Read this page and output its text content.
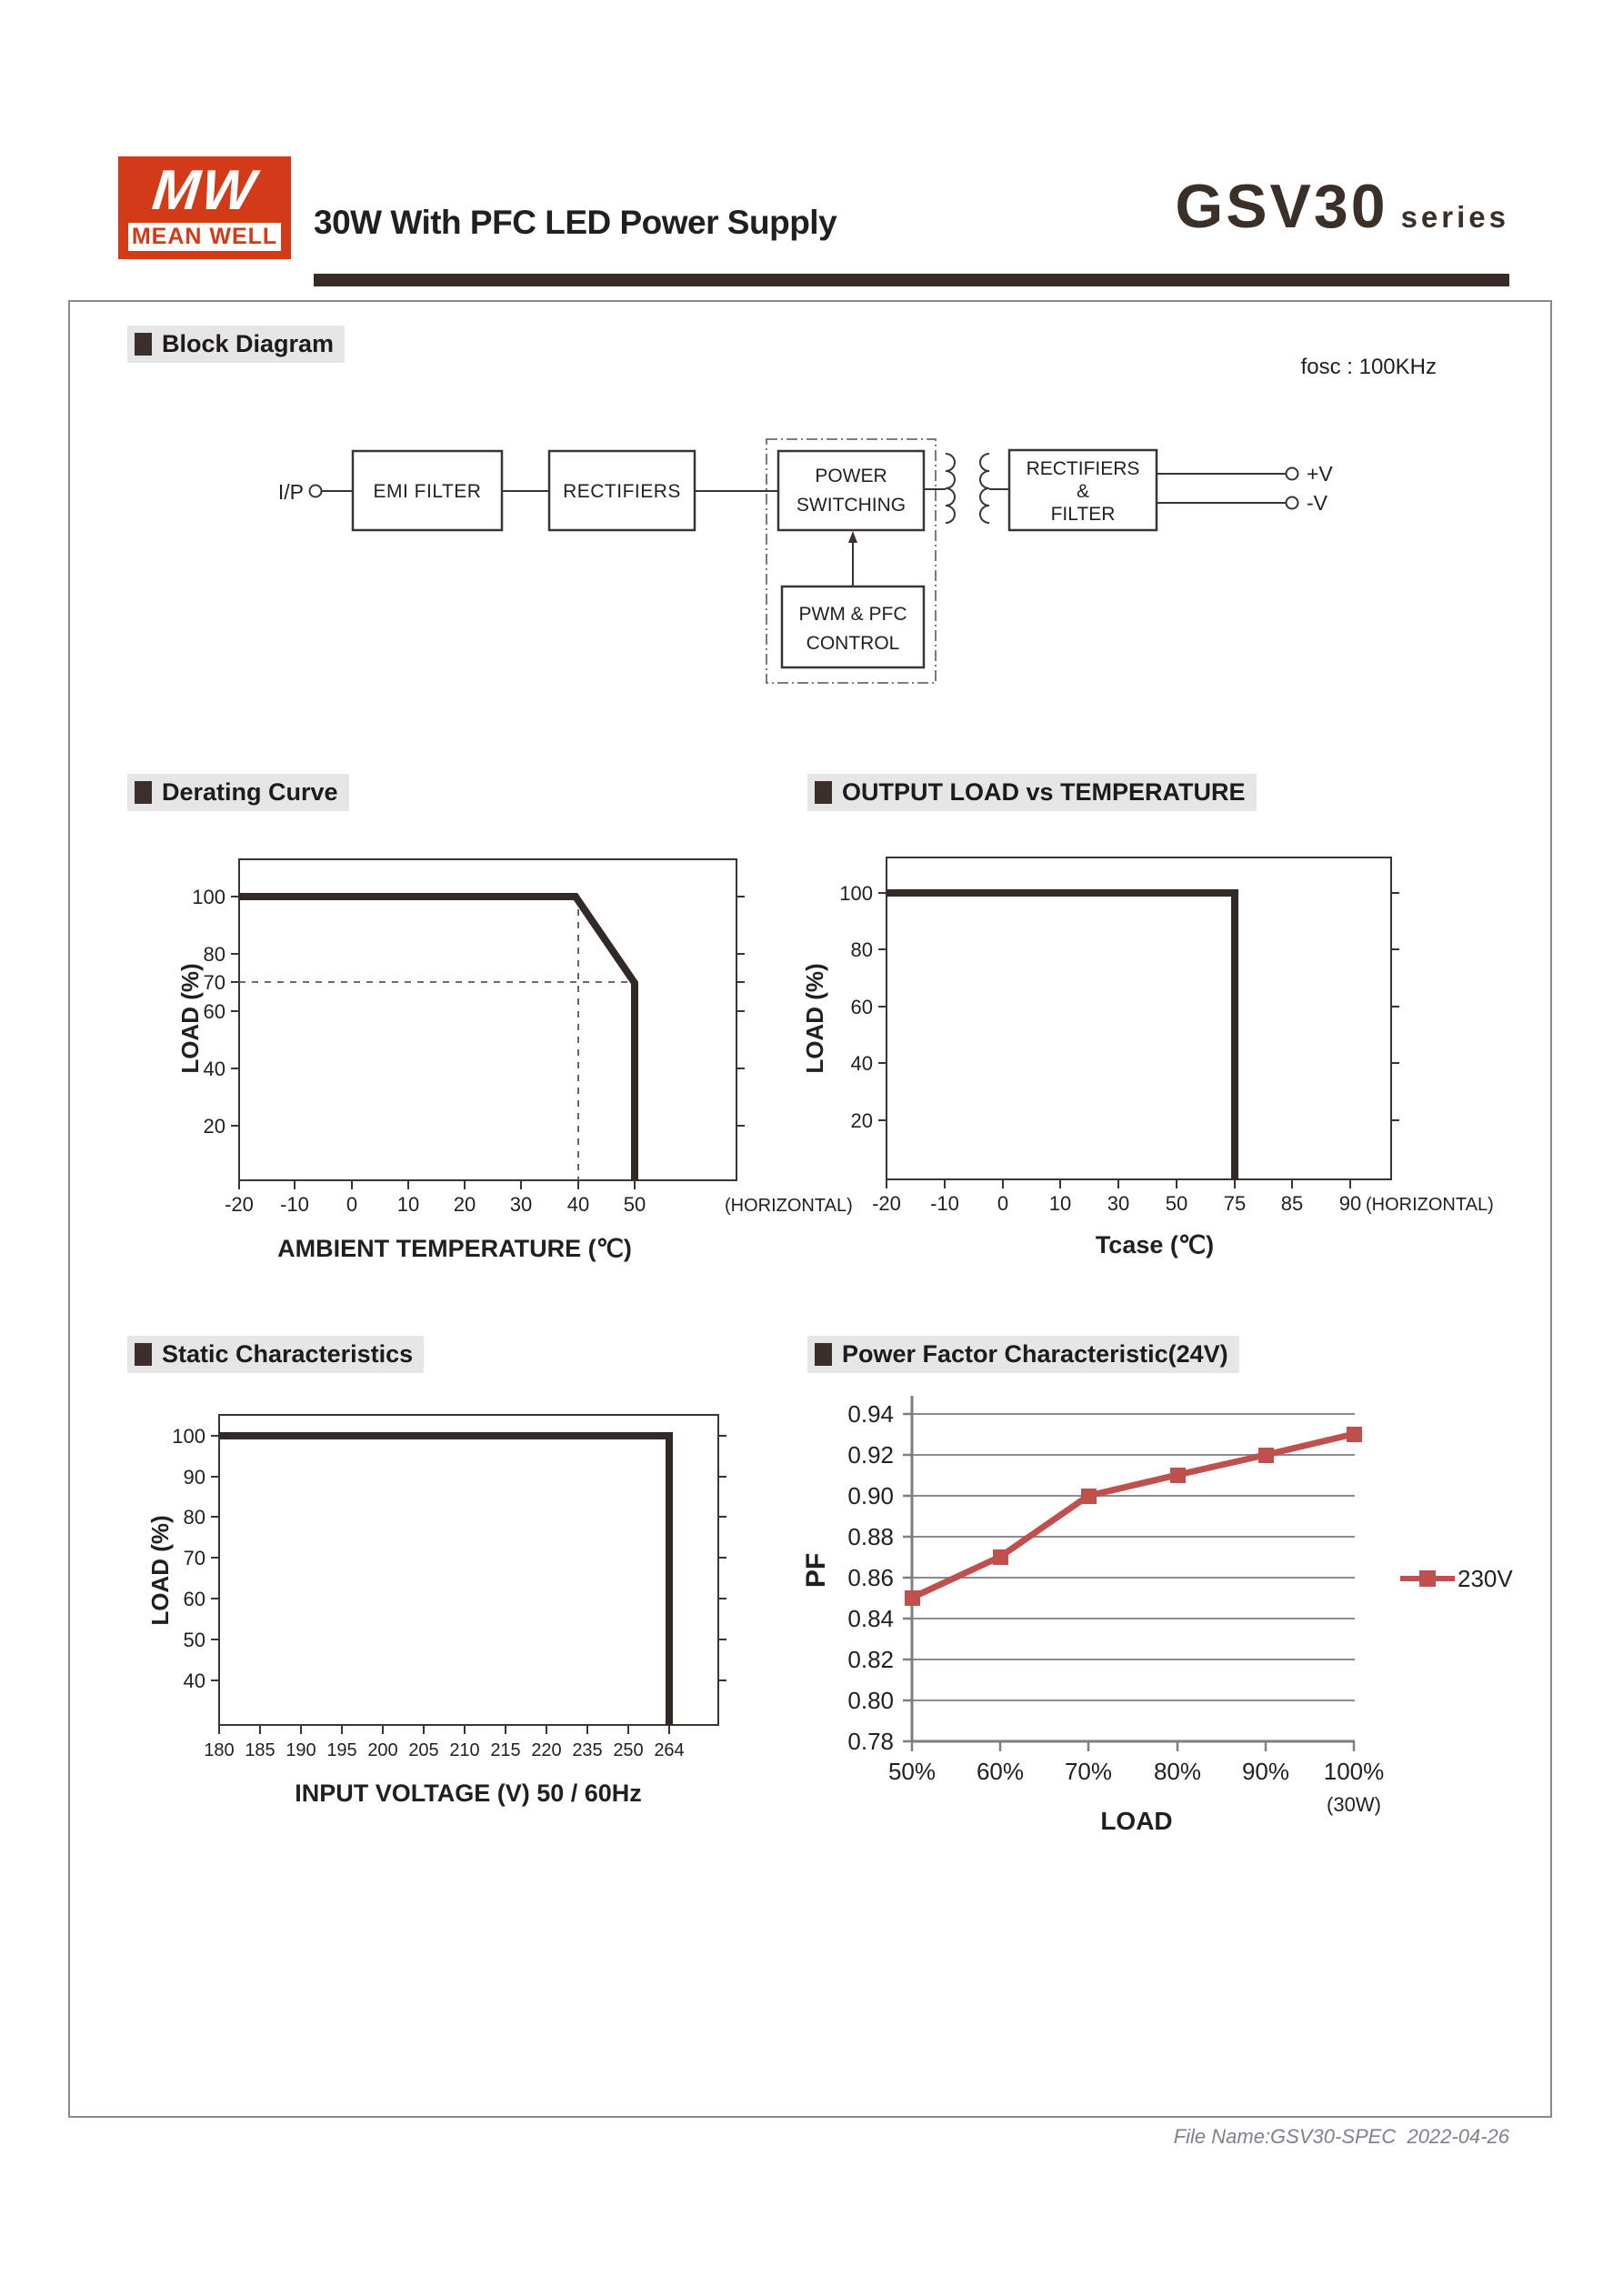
MW
MEAN WELL 30W With PFC LED Power Supply	GSV30 series
Block Diagram
fosc : 100KHz
Derating Curve	OUTPUT LOAD vs TEMPERATURE
Static Characteristics	Power Factor Characteristic(24V)
I/P	EMI FILTER	RECTIFIERS
POWER
SWITCHING
RECTIFIERS
&
FILTER
+V
-V
PWM & PFC
CONTROL
100
80
70
60
40
20
-20 -10 0 10 20 30 40 50	(HORIZONTAL)
LOAD (%)
AMBIENT TEMPERATURE (℃)
100
80
60
40
20
-20 -10 0 10 30 50 75 85 90 (HORIZONTAL)
LOAD (%)
Tcase (℃)
100
90
80
70
60
50
40
180 185 190 195 200 205 210 215 220 235 250 264
LOAD (%)
INPUT VOLTAGE (V) 50 / 60Hz
0.94
0.92
0.90
0.88
0.86
0.84
0.82
0.80
0.78
50% 60% 70% 80% 90% 100%
(30W)
PF
LOAD
230V
File Name:GSV30-SPEC  2022-04-26
